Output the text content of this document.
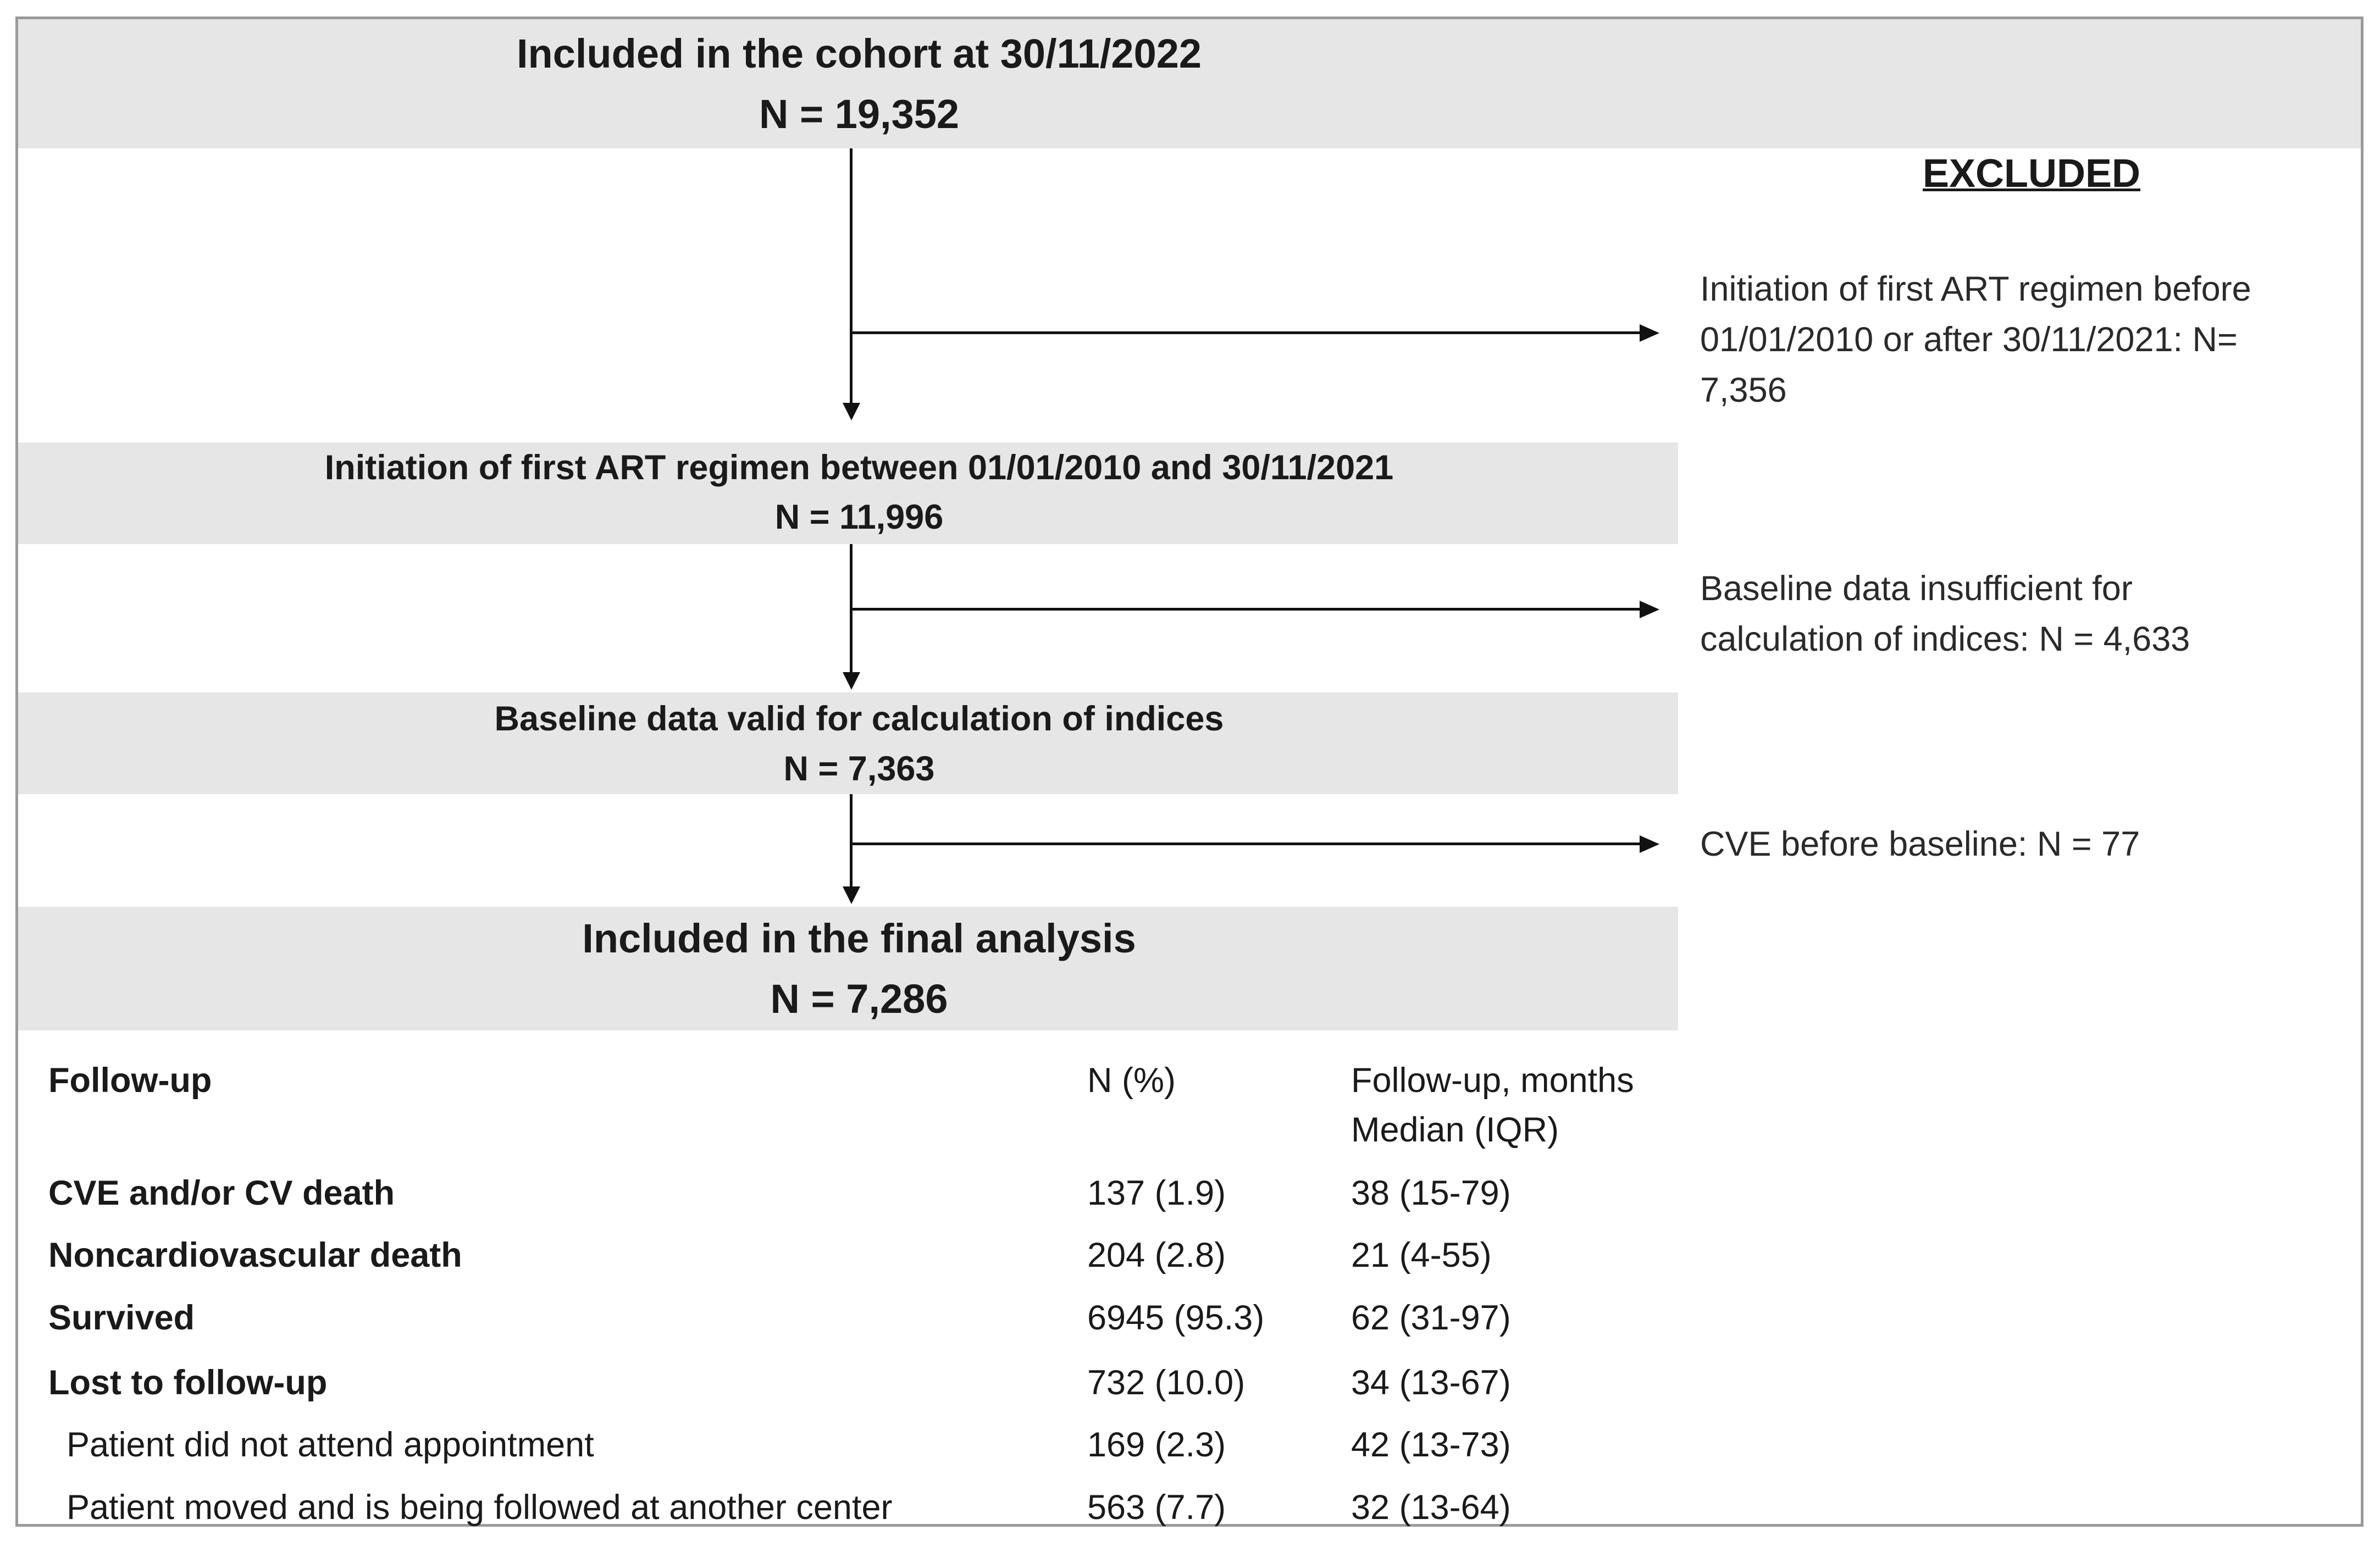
Included in the cohort at 30/11/2022
N = 19,352
EXCLUDED
Initiation of first ART regimen before
01/01/2010 or after 30/11/2021: N=
7,356
Initiation of first ART regimen between 01/01/2010 and 30/11/2021
N = 11,996
Baseline data insufficient for
calculation of indices: N = 4,633
Baseline data valid for calculation of indices
N = 7,363
CVE before baseline: N = 77
Included in the final analysis
N = 7,286
Follow-up	N (%)	Follow-up, months
Median (IQR)
CVE and/or CV death	137 (1.9)	38 (15-79)
Noncardiovascular death	204 (2.8)	21 (4-55)
Survived	6945 (95.3)	62 (31-97)
Lost to follow-up	732 (10.0)	34 (13-67)
Patient did not attend appointment	169 (2.3)	42 (13-73)
Patient moved and is being followed at another center	563 (7.7)	32 (13-64)
